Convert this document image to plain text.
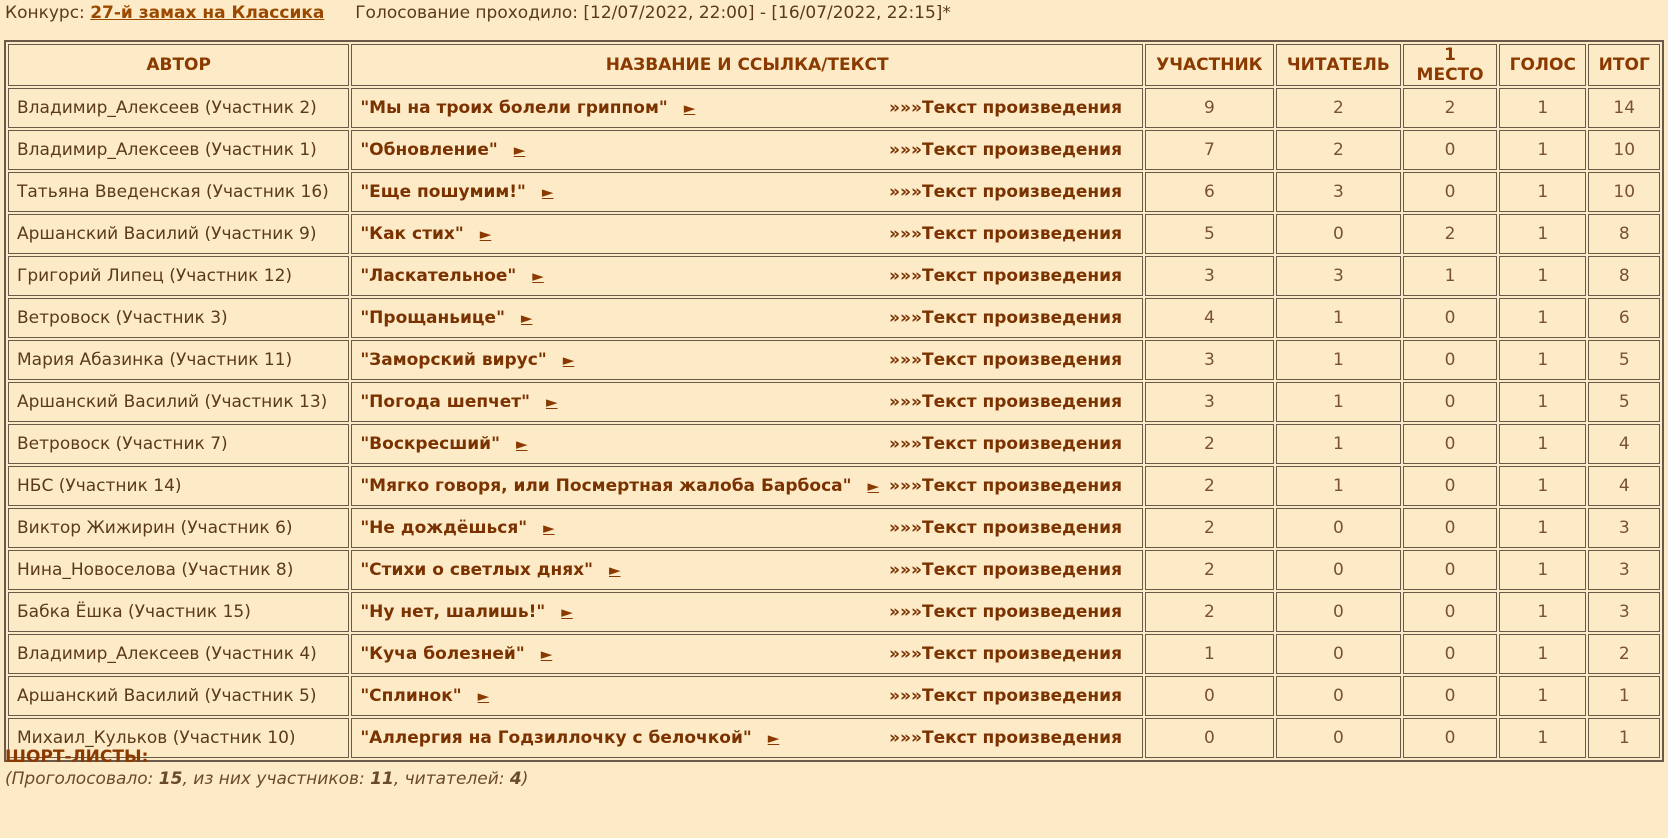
Конкурс: 27-й замах на Классика Голосование проходило: [12/07/2022, 22:00] - [16/07/2022, 22:15]*
АВТОР	НАЗВАНИЕ И ССЫЛКА/ТЕКСТ	УЧАСТНИК	ЧИТАТЕЛЬ	1 МЕСТО	ГОЛОС	ИТОГ
Владимир_Алексеев (Участник 2)	"Мы на троих болели гриппом" ► »»»Текст произведения	9	2	2	1	14
Владимир_Алексеев (Участник 1)	"Обновление" ► »»»Текст произведения	7	2	0	1	10
Татьяна Введенская (Участник 16)	"Еще пошумим!" ► »»»Текст произведения	6	3	0	1	10
Аршанский Василий (Участник 9)	"Как стих" ► »»»Текст произведения	5	0	2	1	8
Григорий Липец (Участник 12)	"Ласкательное" ► »»»Текст произведения	3	3	1	1	8
Ветровоск (Участник 3)	"Прощаньице" ► »»»Текст произведения	4	1	0	1	6
Мария Абазинка (Участник 11)	"Заморский вирус" ► »»»Текст произведения	3	1	0	1	5
Аршанский Василий (Участник 13)	"Погода шепчет" ► »»»Текст произведения	3	1	0	1	5
Ветровоск (Участник 7)	"Воскресший" ► »»»Текст произведения	2	1	0	1	4
НБС (Участник 14)	"Мягко говоря, или Посмертная жалоба Барбоса" ► »»»Текст произведения	2	1	0	1	4
Виктор Жижирин (Участник 6)	"Не дождёшься" ► »»»Текст произведения	2	0	0	1	3
Нина_Новоселова (Участник 8)	"Стихи о светлых днях" ► »»»Текст произведения	2	0	0	1	3
Бабка Ёшка (Участник 15)	"Ну нет, шалишь!" ► »»»Текст произведения	2	0	0	1	3
Владимир_Алексеев (Участник 4)	"Куча болезней" ► »»»Текст произведения	1	0	0	1	2
Аршанский Василий (Участник 5)	"Сплинок" ► »»»Текст произведения	0	0	0	1	1
Михаил_Кульков (Участник 10)	"Аллергия на Годзиллочку с белочкой" ► »»»Текст произведения	0	0	0	1	1
ШОРТ-ЛИСТЫ:
(Проголосовало: 15, из них участников: 11, читателей: 4)
